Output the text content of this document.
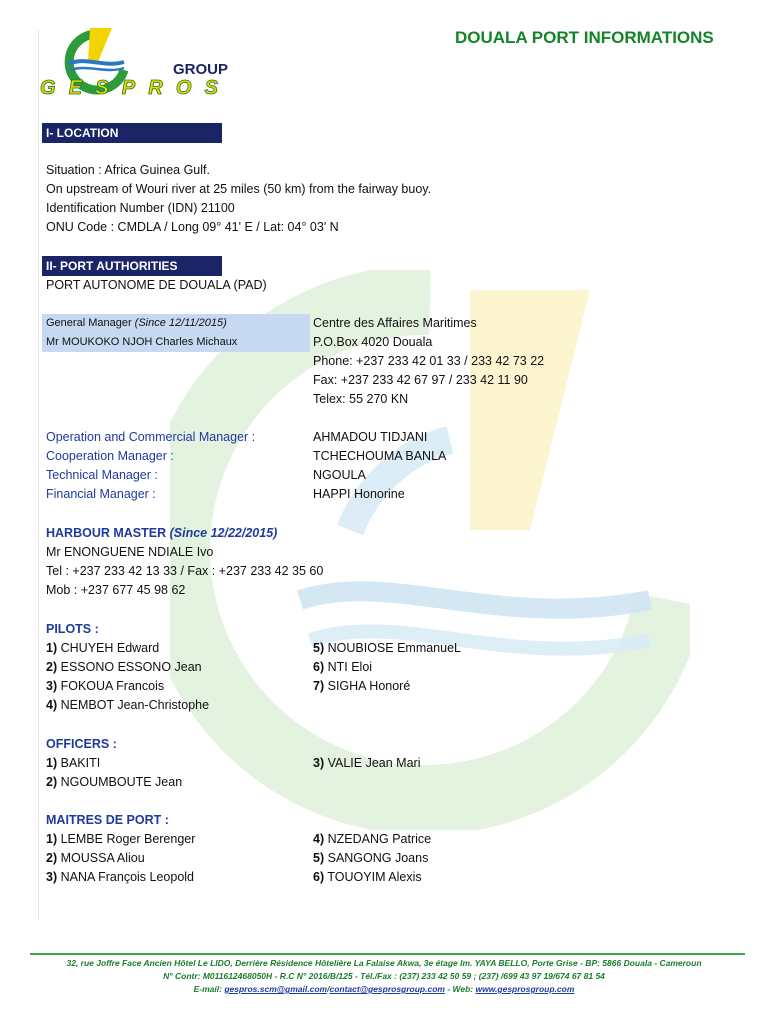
GROUP
GESPROS
DOUALA PORT INFORMATIONS
I- LOCATION
Situation : Africa Guinea Gulf.
On upstream of Wouri river at 25 miles (50 km) from the fairway buoy.
Identification Number (IDN) 21100
ONU Code : CMDLA / Long 09° 41' E / Lat: 04° 03' N
II- PORT AUTHORITIES
PORT AUTONOME DE DOUALA (PAD)
General Manager (Since 12/11/2015)
Mr MOUKOKO NJOH Charles Michaux
Centre des Affaires Maritimes
P.O.Box 4020 Douala
Phone: +237 233 42 01 33 / 233 42 73 22
Fax: +237 233 42 67 97 / 233 42 11 90
Telex: 55 270 KN
Operation and Commercial Manager :	AHMADOU TIDJANI
Cooperation Manager :	TCHECHOUMA BANLA
Technical Manager :	NGOULA
Financial Manager :	HAPPI Honorine
HARBOUR MASTER (Since 12/22/2015)
Mr ENONGUENE NDIALE Ivo
Tel : +237 233 42 13 33 / Fax : +237 233 42 35 60
Mob : +237 677 45 98 62
PILOTS :
1) CHUYEH Edward
2) ESSONO ESSONO Jean
3) FOKOUA Francois
4) NEMBOT Jean-Christophe
5) NOUBIOSE EmmanueL
6) NTI Eloi
7) SIGHA Honoré
OFFICERS :
1) BAKITI
2) NGOUMBOUTE Jean
3) VALIE Jean Mari
MAITRES DE PORT :
1) LEMBE Roger Berenger
2) MOUSSA Aliou
3) NANA François Leopold
4) NZEDANG Patrice
5) SANGONG Joans
6) TOUOYIM Alexis
32, rue Joffre Face Ancien Hôtel Le LIDO, Derrière Résidence Hôtelière La Falaise Akwa, 3e étage Im. YAYA BELLO, Porte Grise - BP: 5866 Douala - Cameroun
N° Contr: M011612468050H - R.C N° 2016/B/125 - Tél./Fax : (237) 233 42 50 59 ; (237) /699 43 97 19/674 67 81 54
E-mail: gespros.scm@gmail.com/contact@gesprosgroup.com - Web: www.gesprosgroup.com
